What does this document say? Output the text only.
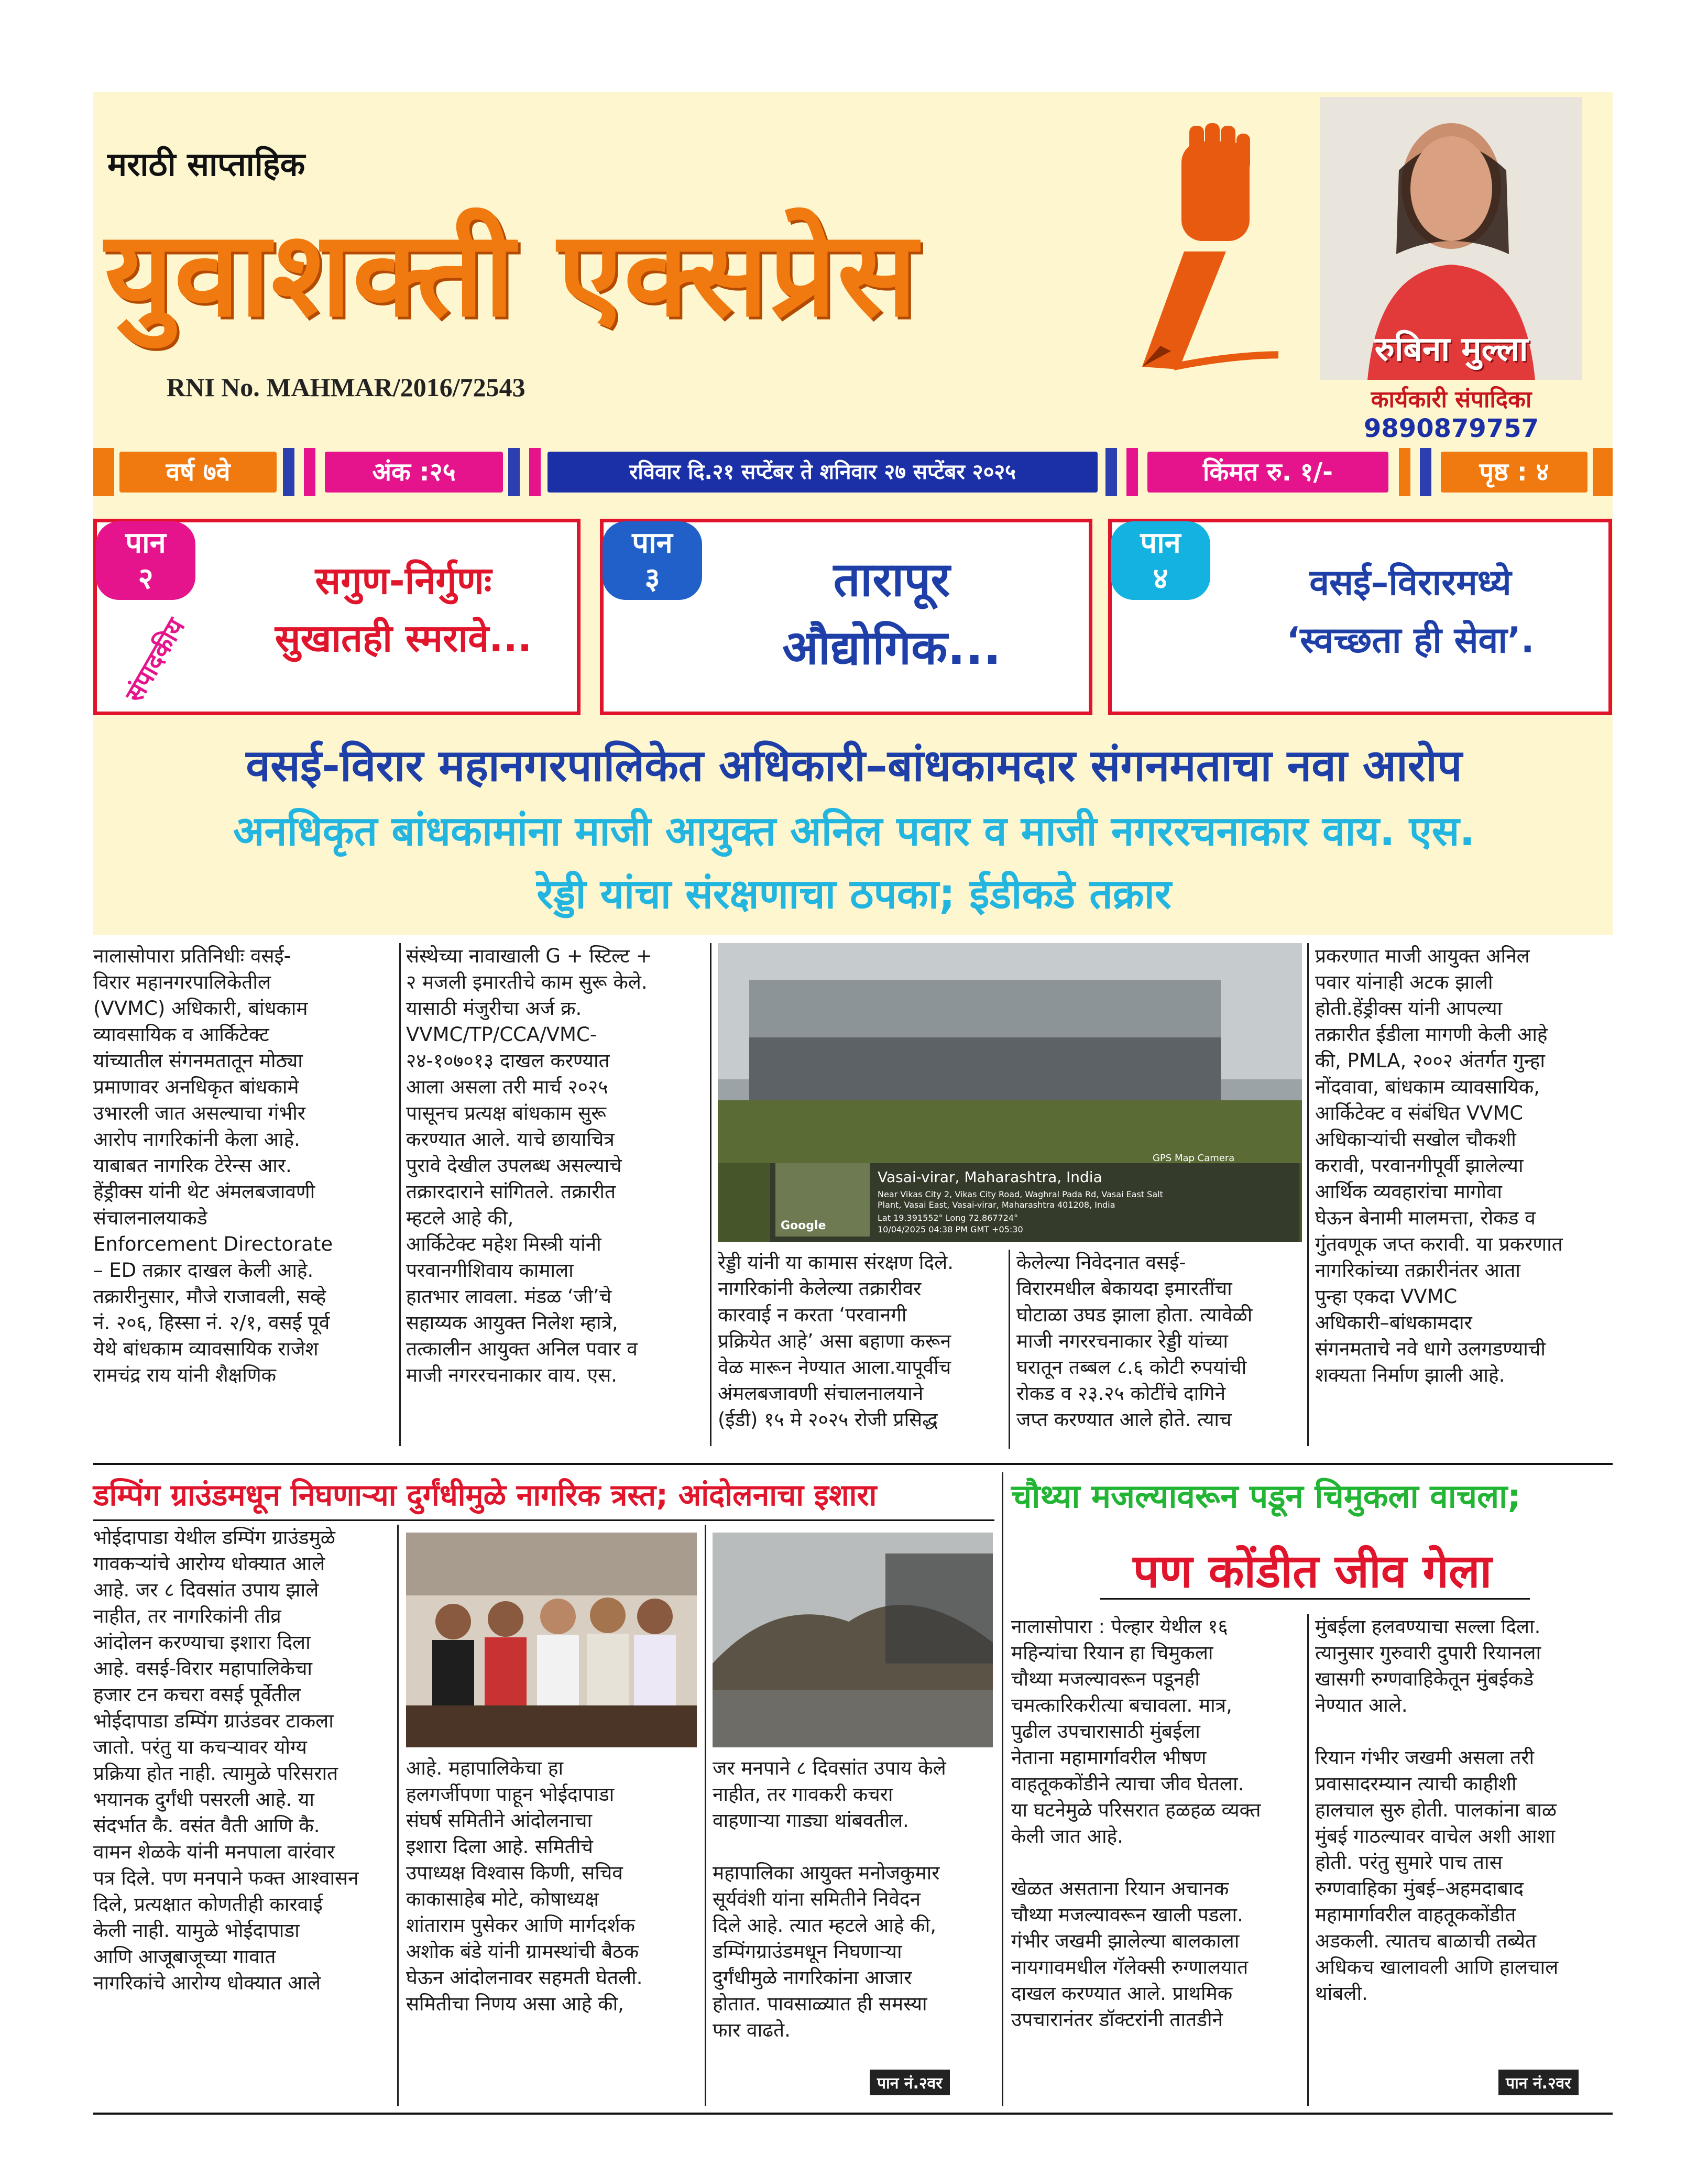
मराठी साप्ताहिक
युवाशक्ती एक्सप्रेस
RNI No. MAHMAR/2016/72543
रुबिना मुल्ला
कार्यकारी संपादिका
9890879757
वर्ष ७वे	अंक :२५	रविवार दि.२१ सप्टेंबर ते शनिवार २७ सप्टेंबर २०२५	किंमत रु. १/-	पृष्ठ : ४
पान
२	सगुण-निर्गुणः
सुखातही स्मरावे...
संपादकीय
पान
३	तारापूर
औद्योगिक...
पान
४	वसई–विरारमध्ये
‘स्वच्छता ही सेवा’.
वसई-विरार महानगरपालिकेत अधिकारी–बांधकामदार संगनमताचा नवा आरोप
अनधिकृत बांधकामांना माजी आयुक्त अनिल पवार व माजी नगररचनाकार वाय. एस.
रेड्डी यांचा संरक्षणाचा ठपका; ईडीकडे तक्रार
नालासोपारा प्रतिनिधीः वसई-
विरार महानगरपालिकेतील
(VVMC) अधिकारी, बांधकाम
व्यावसायिक व आर्किटेक्ट
यांच्यातील संगनमतातून मोठ्या
प्रमाणावर अनधिकृत बांधकामे
उभारली जात असल्याचा गंभीर
आरोप नागरिकांनी केला आहे.
याबाबत नागरिक टेरेन्स आर.
हेंड्रीक्स यांनी थेट अंमलबजावणी
संचालनालयाकडे
Enforcement Directorate
– ED तक्रार दाखल केली आहे.
तक्रारीनुसार, मौजे राजावली, सव्हे
नं. २०६, हिस्सा नं. २/१, वसई पूर्व
येथे बांधकाम व्यावसायिक राजेश
रामचंद्र राय यांनी शैक्षणिक
संस्थेच्या नावाखाली G + स्टिल्ट +
२ मजली इमारतीचे काम सुरू केले.
यासाठी मंजुरीचा अर्ज क्र.
VVMC/TP/CCA/VMC-
२४-१०७०१३ दाखल करण्यात
आला असला तरी मार्च २०२५
पासूनच प्रत्यक्ष बांधकाम सुरू
करण्यात आले. याचे छायाचित्र
पुरावे देखील उपलब्ध असल्याचे
तक्रारदाराने सांगितले. तक्रारीत
म्हटले आहे की,
आर्किटेक्ट महेश मिस्त्री यांनी
परवानगीशिवाय कामाला
हातभार लावला. मंडळ ‘जी’चे
सहाय्यक आयुक्त निलेश म्हात्रे,
तत्कालीन आयुक्त अनिल पवार व
माजी नगररचनाकार वाय. एस.
Google
GPS Map Camera
Vasai-virar, Maharashtra, India
Near Vikas City 2, Vikas City Road, Waghral Pada Rd, Vasai East Salt Plant, Vasai East, Vasai-virar, Maharashtra 401208, India
Lat 19.391552° Long 72.867724°
10/04/2025 04:38 PM GMT +05:30
रेड्डी यांनी या कामास संरक्षण दिले.
नागरिकांनी केलेल्या तक्रारीवर
कारवाई न करता ‘परवानगी
प्रक्रियेत आहे’ असा बहाणा करून
वेळ मारून नेण्यात आला.यापूर्वीच
अंमलबजावणी संचालनालयाने
(ईडी) १५ मे २०२५ रोजी प्रसिद्ध
केलेल्या निवेदनात वसई-
विरारमधील बेकायदा इमारतींचा
घोटाळा उघड झाला होता. त्यावेळी
माजी नगररचनाकार रेड्डी यांच्या
घरातून तब्बल ८.६ कोटी रुपयांची
रोकड व २३.२५ कोटींचे दागिने
जप्त करण्यात आले होते. त्याच
प्रकरणात माजी आयुक्त अनिल
पवार यांनाही अटक झाली
होती.हेंड्रीक्स यांनी आपल्या
तक्रारीत ईडीला मागणी केली आहे
की, PMLA, २००२ अंतर्गत गुन्हा
नोंदवावा, बांधकाम व्यावसायिक,
आर्किटेक्ट व संबंधित VVMC
अधिकाऱ्यांची सखोल चौकशी
करावी, परवानगीपूर्वी झालेल्या
आर्थिक व्यवहारांचा मागोवा
घेऊन बेनामी मालमत्ता, रोकड व
गुंतवणूक जप्त करावी. या प्रकरणात
नागरिकांच्या तक्रारीनंतर आता
पुन्हा एकदा VVMC
अधिकारी–बांधकामदार
संगनमताचे नवे धागे उलगडण्याची
शक्यता निर्माण झाली आहे.
डम्पिंग ग्राउंडमधून निघणाऱ्या दुर्गंधीमुळे नागरिक त्रस्त; आंदोलनाचा इशारा
भोईदापाडा येथील डम्पिंग ग्राउंडमुळे
गावकऱ्यांचे आरोग्य धोक्यात आले
आहे. जर ८ दिवसांत उपाय झाले
नाहीत, तर नागरिकांनी तीव्र
आंदोलन करण्याचा इशारा दिला
आहे. वसई-विरार महापालिकेचा
हजार टन कचरा वसई पूर्वेतील
भोईदापाडा डम्पिंग ग्राउंडवर टाकला
जातो. परंतु या कचऱ्यावर योग्य
प्रक्रिया होत नाही. त्यामुळे परिसरात
भयानक दुर्गंधी पसरली आहे. या
संदर्भात कै. वसंत वैती आणि कै.
वामन शेळके यांनी मनपाला वारंवार
पत्र दिले. पण मनपाने फक्त आश्वासन
दिले, प्रत्यक्षात कोणतीही कारवाई
केली नाही. यामुळे भोईदापाडा
आणि आजूबाजूच्या गावात
नागरिकांचे आरोग्य धोक्यात आले
आहे. महापालिकेचा हा
हलगर्जीपणा पाहून भोईदापाडा
संघर्ष समितीने आंदोलनाचा
इशारा दिला आहे. समितीचे
उपाध्यक्ष विश्वास किणी, सचिव
काकासाहेब मोटे, कोषाध्यक्ष
शांताराम पुसेकर आणि मार्गदर्शक
अशोक बंडे यांनी ग्रामस्थांची बैठक
घेऊन आंदोलनावर सहमती घेतली.
समितीचा निणय असा आहे की,
जर मनपाने ८ दिवसांत उपाय केले
नाहीत, तर गावकरी कचरा
वाहणाऱ्या गाड्या थांबवतील.

महापालिका आयुक्त मनोजकुमार
सूर्यवंशी यांना समितीने निवेदन
दिले आहे. त्यात म्हटले आहे की,
डम्पिंगग्राउंडमधून निघणाऱ्या
दुर्गंधीमुळे नागरिकांना आजार
होतात. पावसाळ्यात ही समस्या
फार वाढते.
पान नं.२वर
चौथ्या मजल्यावरून पडून चिमुकला वाचला;
पण कोंडीत जीव गेला
नालासोपारा : पेल्हार येथील १६
महिन्यांचा रियान हा चिमुकला
चौथ्या मजल्यावरून पडूनही
चमत्कारिकरीत्या बचावला. मात्र,
पुढील उपचारासाठी मुंबईला
नेताना महामार्गावरील भीषण
वाहतूककोंडीने त्याचा जीव घेतला.
या घटनेमुळे परिसरात हळहळ व्यक्त
केली जात आहे.

खेळत असताना रियान अचानक
चौथ्या मजल्यावरून खाली पडला.
गंभीर जखमी झालेल्या बालकाला
नायगावमधील गॅलेक्सी रुग्णालयात
दाखल करण्यात आले. प्राथमिक
उपचारानंतर डॉक्टरांनी तातडीने
मुंबईला हलवण्याचा सल्ला दिला.
त्यानुसार गुरुवारी दुपारी रियानला
खासगी रुग्णवाहिकेतून मुंबईकडे
नेण्यात आले.

रियान गंभीर जखमी असला तरी
प्रवासादरम्यान त्याची काहीशी
हालचाल सुरु होती. पालकांना बाळ
मुंबई गाठल्यावर वाचेल अशी आशा
होती. परंतु सुमारे पाच तास
रुग्णवाहिका मुंबई–अहमदाबाद
महामार्गावरील वाहतूककोंडीत
अडकली. त्यातच बाळाची तब्येत
अधिकच खालावली आणि हालचाल
थांबली.
पान नं.२वर
